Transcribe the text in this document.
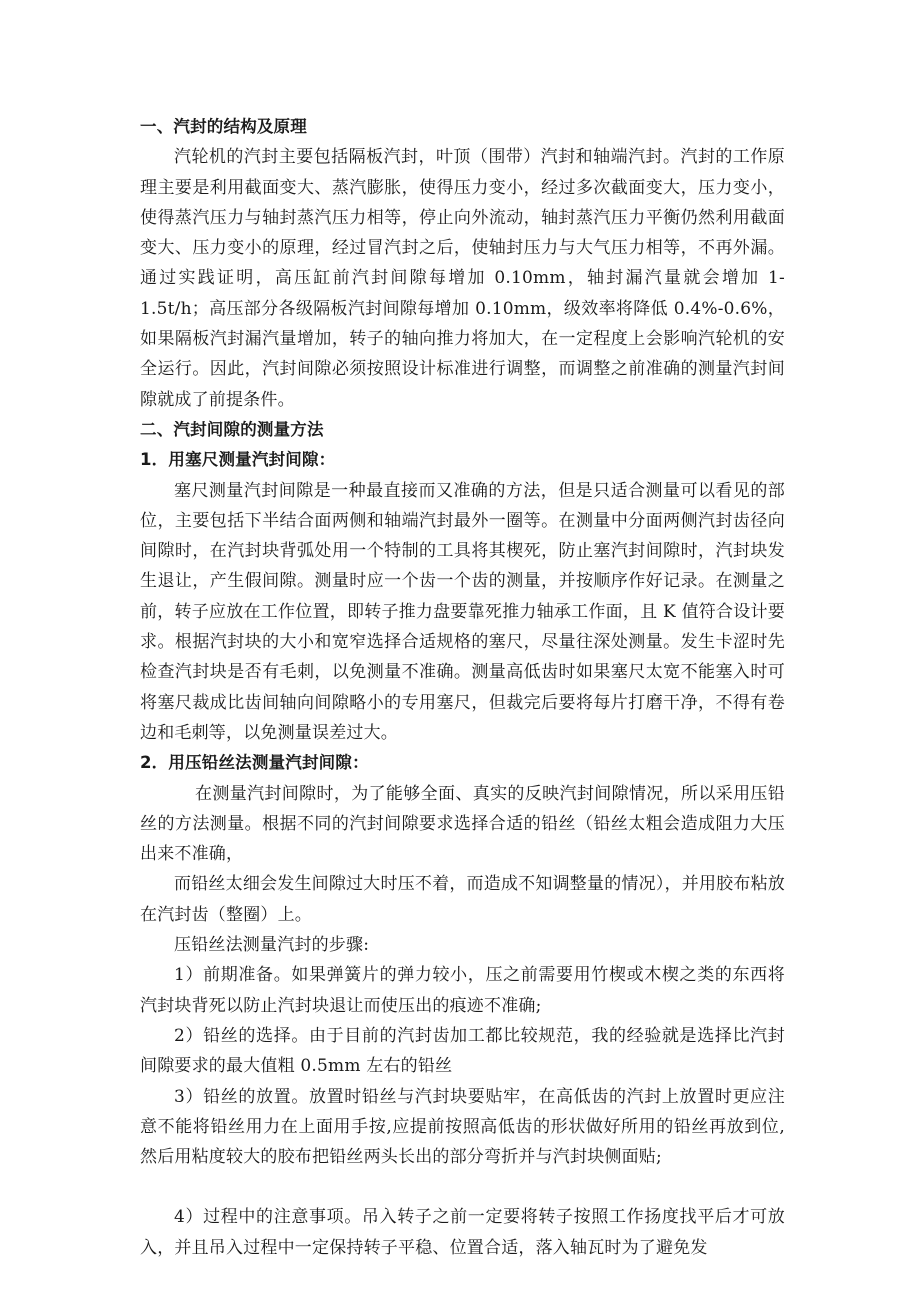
一、汽封的结构及原理

汽轮机的汽封主要包括隔板汽封，叶顶（围带）汽封和轴端汽封。汽封的工作原理主要是利用截面变大、蒸汽膨胀，使得压力变小，经过多次截面变大，压力变小，使得蒸汽压力与轴封蒸汽压力相等，停止向外流动，轴封蒸汽压力平衡仍然利用截面变大、压力变小的原理，经过冒汽封之后，使轴封压力与大气压力相等，不再外漏。通过实践证明，高压缸前汽封间隙每增加 0.10mm，轴封漏汽量就会增加 1-1.5t/h；高压部分各级隔板汽封间隙每增加 0.10mm，级效率将降低 0.4%-0.6%，如果隔板汽封漏汽量增加，转子的轴向推力将加大，在一定程度上会影响汽轮机的安全运行。因此，汽封间隙必须按照设计标准进行调整，而调整之前准确的测量汽封间隙就成了前提条件。

二、汽封间隙的测量方法

1．用塞尺测量汽封间隙：

塞尺测量汽封间隙是一种最直接而又准确的方法，但是只适合测量可以看见的部位，主要包括下半结合面两侧和轴端汽封最外一圈等。在测量中分面两侧汽封齿径向间隙时，在汽封块背弧处用一个特制的工具将其楔死，防止塞汽封间隙时，汽封块发生退让，产生假间隙。测量时应一个齿一个齿的测量，并按顺序作好记录。在测量之前，转子应放在工作位置，即转子推力盘要靠死推力轴承工作面，且 K 值符合设计要求。根据汽封块的大小和宽窄选择合适规格的塞尺，尽量往深处测量。发生卡涩时先检查汽封块是否有毛刺，以免测量不准确。测量高低齿时如果塞尺太宽不能塞入时可将塞尺裁成比齿间轴向间隙略小的专用塞尺，但裁完后要将每片打磨干净，不得有卷边和毛刺等，以免测量误差过大。

2．用压铅丝法测量汽封间隙：

在测量汽封间隙时，为了能够全面、真实的反映汽封间隙情况，所以采用压铅丝的方法测量。根据不同的汽封间隙要求选择合适的铅丝（铅丝太粗会造成阻力大压出来不准确，

而铅丝太细会发生间隙过大时压不着，而造成不知调整量的情况），并用胶布粘放在汽封齿（整圈）上。

压铅丝法测量汽封的步骤:

1）前期准备。如果弹簧片的弹力较小，压之前需要用竹楔或木楔之类的东西将汽封块背死以防止汽封块退让而使压出的痕迹不准确;

2）铅丝的选择。由于目前的汽封齿加工都比较规范，我的经验就是选择比汽封间隙要求的最大值粗 0.5mm 左右的铅丝

3）铅丝的放置。放置时铅丝与汽封块要贴牢，在高低齿的汽封上放置时更应注意不能将铅丝用力在上面用手按,应提前按照高低齿的形状做好所用的铅丝再放到位,然后用粘度较大的胶布把铅丝两头长出的部分弯折并与汽封块侧面贴;

4）过程中的注意事项。吊入转子之前一定要将转子按照工作扬度找平后才可放入，并且吊入过程中一定保持转子平稳、位置合适，落入轴瓦时为了避免发
